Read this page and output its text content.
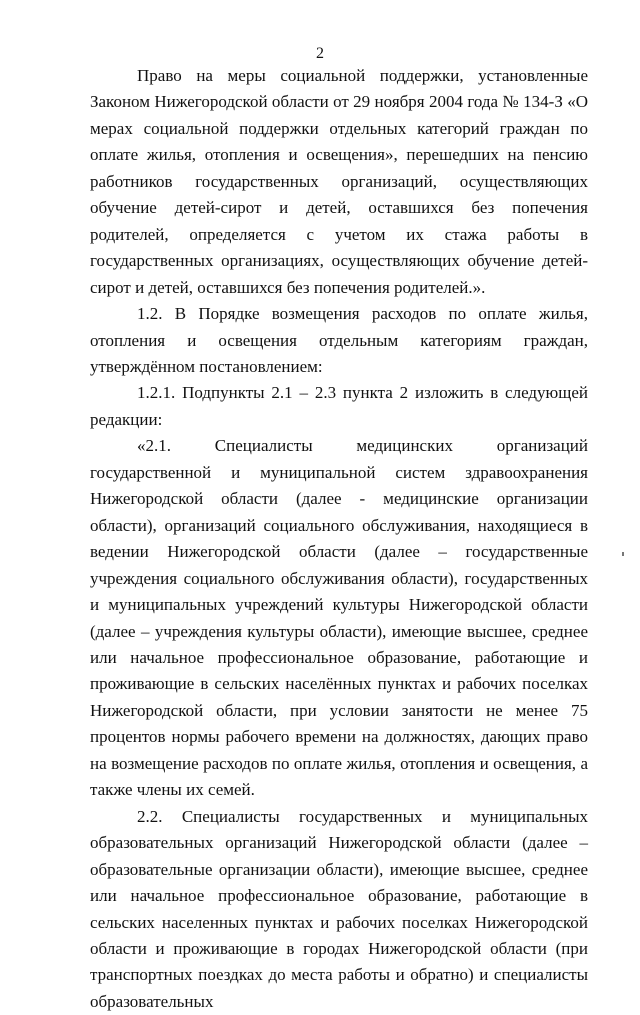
2

Право на меры социальной поддержки, установленные Законом Нижегородской области от 29 ноября 2004 года № 134-З «О мерах социальной поддержки отдельных категорий граждан по оплате жилья, отопления и освещения», перешедших на пенсию работников государственных организаций, осуществляющих обучение детей-сирот и детей, оставшихся без попечения родителей, определяется с учетом их стажа работы в государственных организациях, осуществляющих обучение детей-сирот и детей, оставшихся без попечения родителей.».

1.2. В Порядке возмещения расходов по оплате жилья, отопления и освещения отдельным категориям граждан, утверждённом постановлением:

1.2.1. Подпункты 2.1 – 2.3 пункта 2 изложить в следующей редакции:

«2.1. Специалисты медицинских организаций государственной и муниципальной систем здравоохранения Нижегородской области (далее - медицинские организации области), организаций социального обслуживания, находящиеся в ведении Нижегородской области (далее – государственные учреждения социального обслуживания области), государственных и муниципальных учреждений культуры Нижегородской области (далее – учреждения культуры области), имеющие высшее, среднее или начальное профессиональное образование, работающие и проживающие в сельских населённых пунктах и рабочих поселках Нижегородской области, при условии занятости не менее 75 процентов нормы рабочего времени на должностях, дающих право на возмещение расходов по оплате жилья, отопления и освещения, а также члены их семей.

2.2. Специалисты государственных и муниципальных образовательных организаций Нижегородской области (далее – образовательные организации области), имеющие высшее, среднее или начальное профессиональное образование, работающие в сельских населенных пунктах и рабочих поселках Нижегородской области и проживающие в городах Нижегородской области (при транспортных поездках до места работы и обратно) и специалисты образовательных
